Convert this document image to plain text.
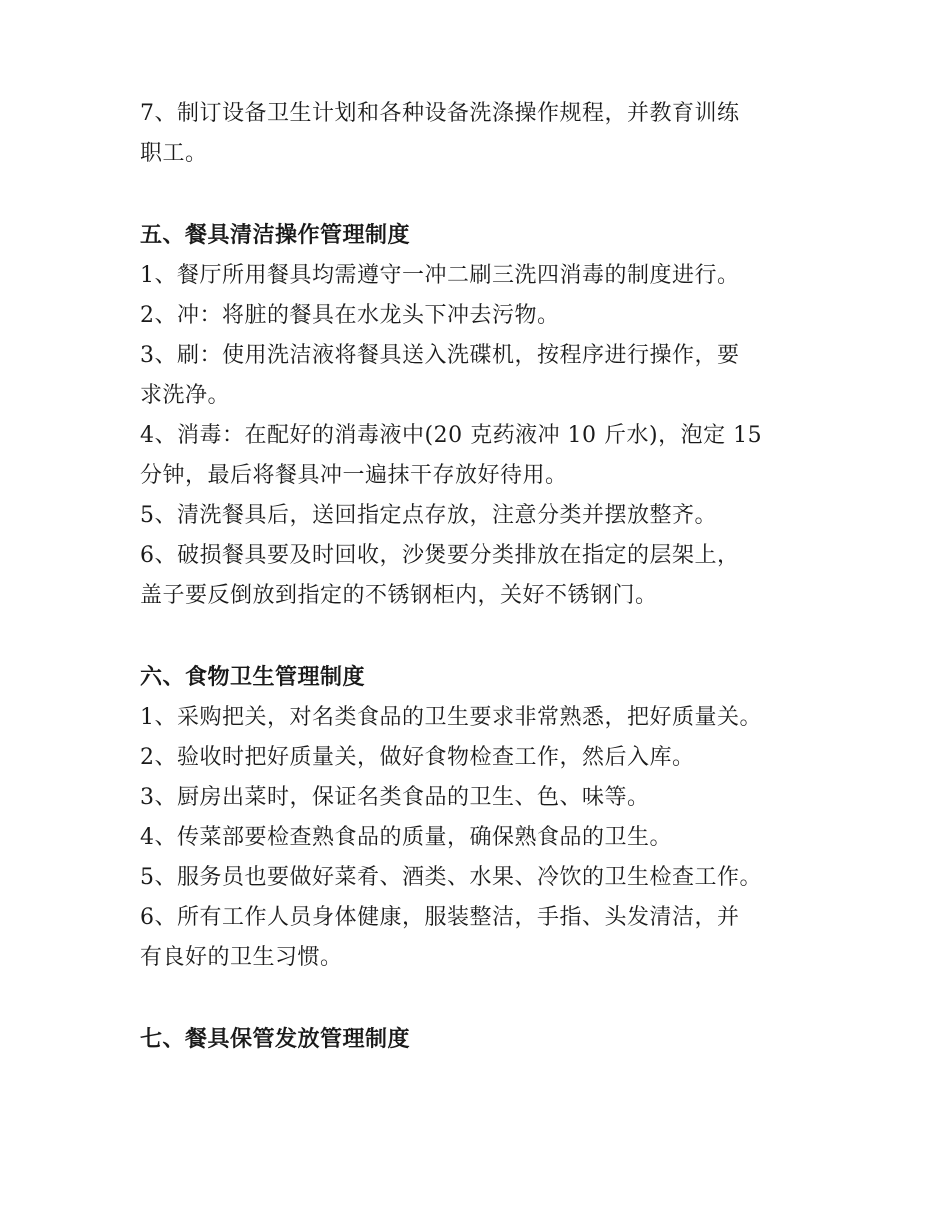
7、制订设备卫生计划和各种设备洗涤操作规程，并教育训练
职工。
五、餐具清洁操作管理制度
1、餐厅所用餐具均需遵守一冲二刷三洗四消毒的制度进行。
2、冲：将脏的餐具在水龙头下冲去污物。
3、刷：使用洗洁液将餐具送入洗碟机，按程序进行操作，要
求洗净。
4、消毒：在配好的消毒液中(20 克药液冲 10 斤水)，泡定 15
分钟，最后将餐具冲一遍抹干存放好待用。
5、清洗餐具后，送回指定点存放，注意分类并摆放整齐。
6、破损餐具要及时回收，沙煲要分类排放在指定的层架上，
盖子要反倒放到指定的不锈钢柜内，关好不锈钢门。
六、食物卫生管理制度
1、采购把关，对名类食品的卫生要求非常熟悉，把好质量关。
2、验收时把好质量关，做好食物检查工作，然后入库。
3、厨房出菜时，保证名类食品的卫生、色、味等。
4、传菜部要检查熟食品的质量，确保熟食品的卫生。
5、服务员也要做好菜肴、酒类、水果、冷饮的卫生检查工作。
6、所有工作人员身体健康，服装整洁，手指、头发清洁，并
有良好的卫生习惯。
七、餐具保管发放管理制度
